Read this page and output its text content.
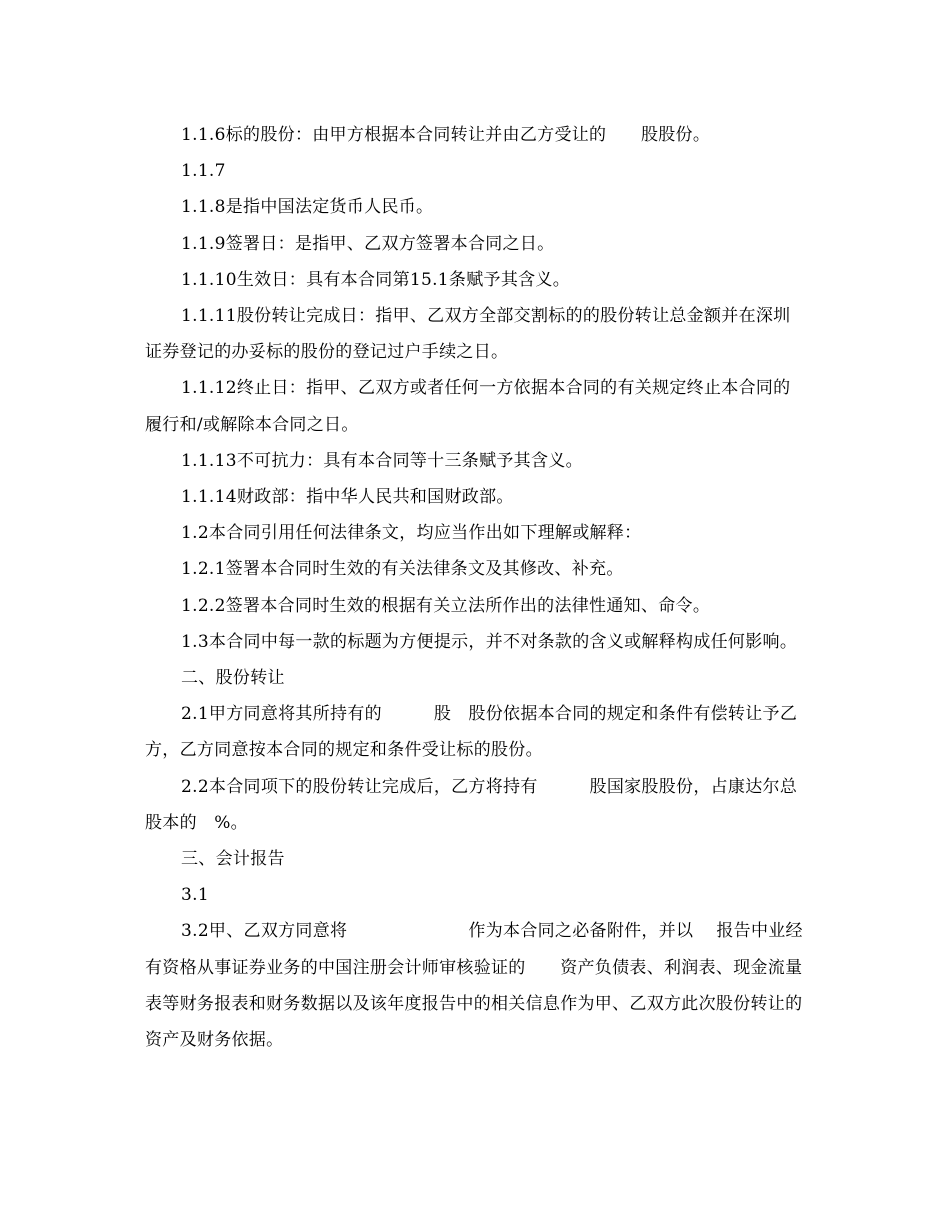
1.1.6标的股份：由甲方根据本合同转让并由乙方受让的　　股股份。

1.1.7

1.1.8是指中国法定货币人民币。

1.1.9签署日：是指甲、乙双方签署本合同之日。

1.1.10生效日：具有本合同第15.1条赋予其含义。

1.1.11股份转让完成日：指甲、乙双方全部交割标的的股份转让总金额并在深圳证券登记的办妥标的股份的登记过户手续之日。

1.1.12终止日：指甲、乙双方或者任何一方依据本合同的有关规定终止本合同的履行和/或解除本合同之日。

1.1.13不可抗力：具有本合同等十三条赋予其含义。

1.1.14财政部：指中华人民共和国财政部。

1.2本合同引用任何法律条文，均应当作出如下理解或解释：

1.2.1签署本合同时生效的有关法律条文及其修改、补充。

1.2.2签署本合同时生效的根据有关立法所作出的法律性通知、命令。

1.3本合同中每一款的标题为方便提示，并不对条款的含义或解释构成任何影响。

二、股份转让

2.1甲方同意将其所持有的　　　股　股份依据本合同的规定和条件有偿转让予乙方，乙方同意按本合同的规定和条件受让标的股份。

2.2本合同项下的股份转让完成后，乙方将持有　　　股国家股股份，占康达尔总股本的　%。

三、会计报告

3.1

3.2甲、乙双方同意将　　　　　　　作为本合同之必备附件，并以　 报告中业经有资格从事证券业务的中国注册会计师审核验证的　　资产负债表、利润表、现金流量表等财务报表和财务数据以及该年度报告中的相关信息作为甲、乙双方此次股份转让的资产及财务依据。
